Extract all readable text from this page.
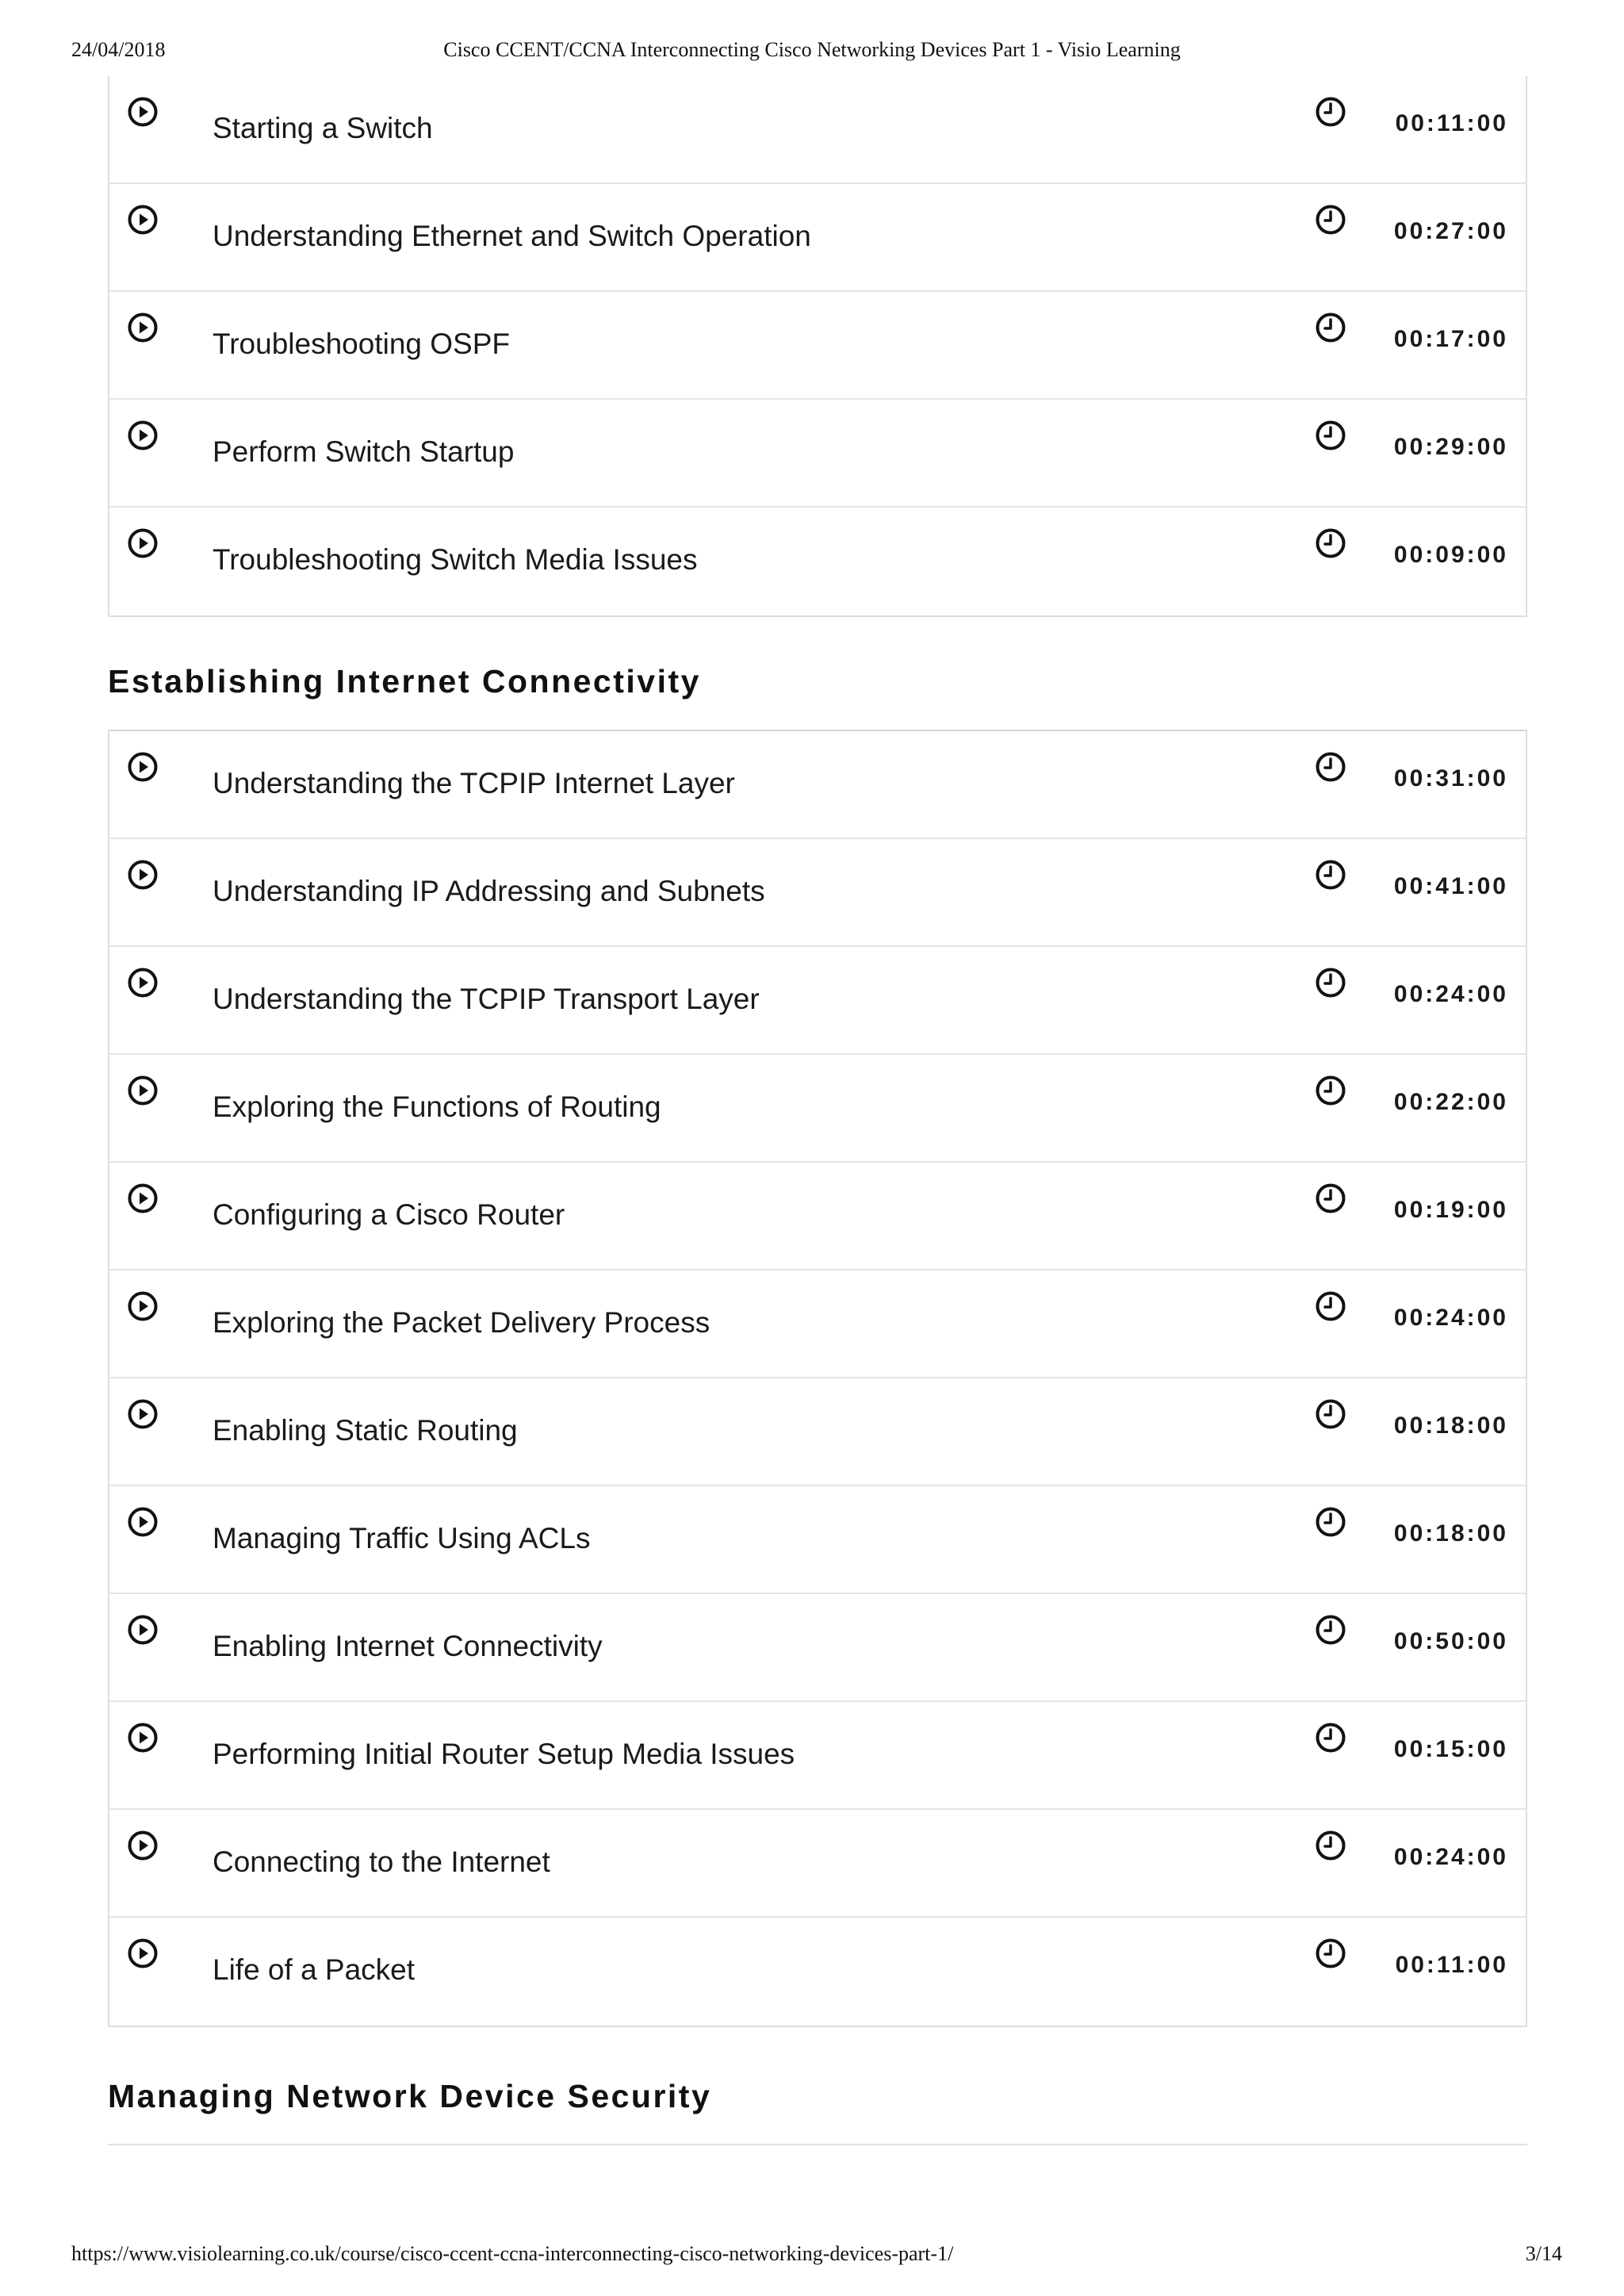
24/04/2018	Cisco CCENT/CCNA Interconnecting Cisco Networking Devices Part 1 - Visio Learning
Starting a Switch	00:11:00
Understanding Ethernet and Switch Operation	00:27:00
Troubleshooting OSPF	00:17:00
Perform Switch Startup	00:29:00
Troubleshooting Switch Media Issues	00:09:00
Establishing Internet Connectivity
Understanding the TCPIP Internet Layer	00:31:00
Understanding IP Addressing and Subnets	00:41:00
Understanding the TCPIP Transport Layer	00:24:00
Exploring the Functions of Routing	00:22:00
Configuring a Cisco Router	00:19:00
Exploring the Packet Delivery Process	00:24:00
Enabling Static Routing	00:18:00
Managing Traffic Using ACLs	00:18:00
Enabling Internet Connectivity	00:50:00
Performing Initial Router Setup Media Issues	00:15:00
Connecting to the Internet	00:24:00
Life of a Packet	00:11:00
Managing Network Device Security
https://www.visiolearning.co.uk/course/cisco-ccent-ccna-interconnecting-cisco-networking-devices-part-1/	3/14
